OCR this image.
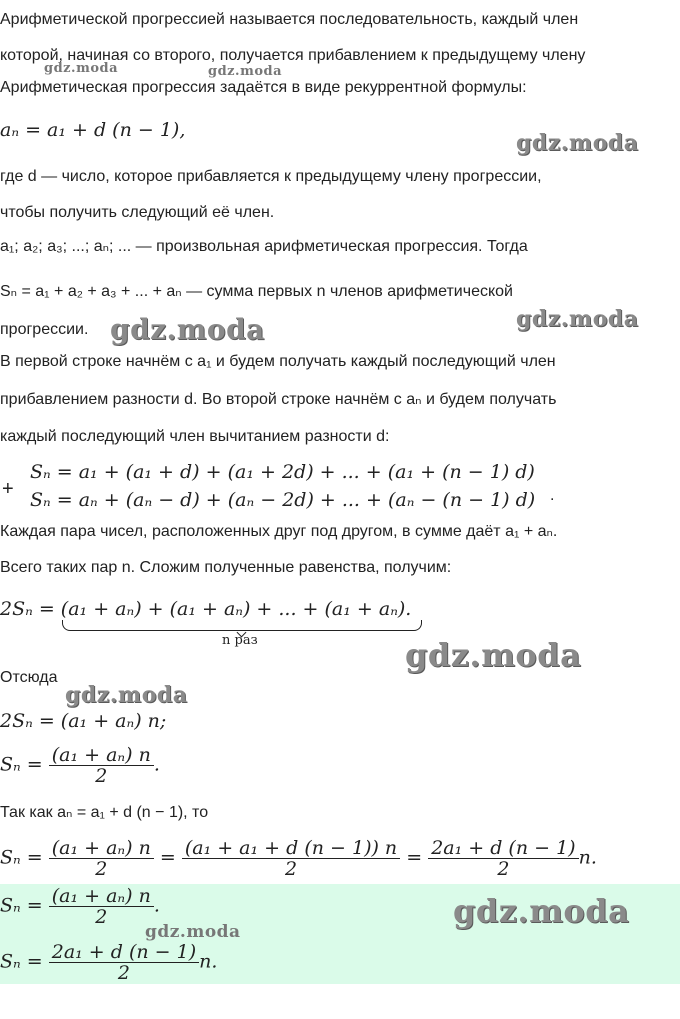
Арифметической прогрессией называется последовательность, каждый член
которой, начиная со второго, получается прибавлением к предыдущему члену
Арифметическая прогрессия задаётся в виде рекуррентной формулы:
aₙ = a₁ + d (n − 1),
где d — число, которое прибавляется к предыдущему члену прогрессии,
чтобы получить следующий её член.
a₁; a₂; a₃; ...; aₙ; ... — произвольная арифметическая прогрессия. Тогда
Sₙ = a₁ + a₂ + a₃ + ... + aₙ — сумма первых n членов арифметической
прогрессии.
В первой строке начнём с a₁ и будем получать каждый последующий член
прибавлением разности d. Во второй строке начнём с aₙ и будем получать
каждый последующий член вычитанием разности d:
+
Sₙ = a₁ + (a₁ + d) + (a₁ + 2d) + ... + (a₁ + (n − 1) d)
Sₙ = aₙ + (aₙ − d) + (aₙ − 2d) + ... + (aₙ − (n − 1) d) .
Каждая пара чисел, расположенных друг под другом, в сумме даёт a₁ + aₙ.
Всего таких пар n. Сложим полученные равенства, получим:
2Sₙ = (a₁ + aₙ) + (a₁ + aₙ) + ... + (a₁ + aₙ).
n раз
Отсюда
2Sₙ = (a₁ + aₙ) n;
$S_n = \frac{\text{(a₁ + aₙ) n}}{2}$ .
Так как aₙ = a₁ + d (n − 1), то
$S_n = \frac{\text{(a₁ + aₙ) n}}{2} = \frac{\text{(a₁ + a₁ + d (n − 1)) n}}{2} = \frac{\text{2a₁ + d (n − 1)}}{2} n$.
$S_n = \frac{\text{(a₁ + aₙ) n}}{2}$ .
$S_n = \frac{\text{2a₁ + d (n − 1)}}{2} n$.
gdz.moda	gdz.moda
gdz.moda
gdz.moda	gdz.moda
gdz.moda
gdz.moda
gdz.moda
gdz.moda
